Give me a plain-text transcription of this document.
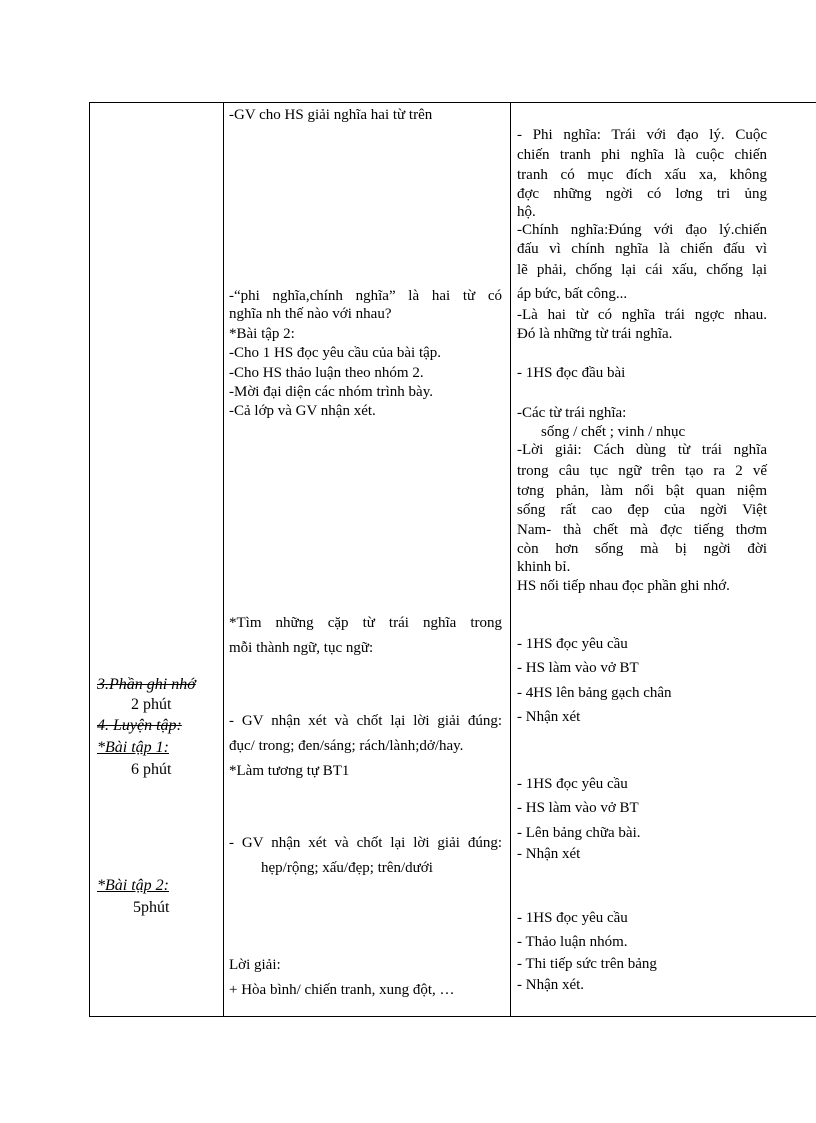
3.Phần ghi nhớ
2 phút
4. Luyện tập:
*Bài tập 1:
6 phút
*Bài tập 2:
5phút
-GV cho HS giải nghĩa hai từ trên
-“phi nghĩa,chính nghĩa” là hai từ có
nghĩa nh thế nào với nhau?
*Bài tập 2:
-Cho 1 HS đọc yêu cầu của bài tập.
-Cho HS thảo luận theo nhóm 2.
-Mời đại diện các nhóm trình bày.
-Cả lớp và GV nhận xét.
*Tìm những cặp từ trái nghĩa trong
mỗi thành ngữ, tục ngữ:
- GV nhận xét và chốt lại lời giải đúng:
đục/ trong; đen/sáng; rách/lành;dở/hay.
*Làm tương tự BT1
- GV nhận xét và chốt lại lời giải đúng:
hẹp/rộng; xấu/đẹp; trên/dưới
Lời giải:
+ Hòa bình/ chiến tranh, xung đột, …
- Phi nghĩa: Trái với đạo lý. Cuộc
chiến tranh phi nghĩa là cuộc chiến
tranh có mục đích xấu xa, không
đợc những ngời có lơng tri ủng
hộ.
-Chính nghĩa:Đúng với đạo lý.chiến
đấu vì chính nghĩa là chiến đấu vì
lẽ phải, chống lại cái xấu, chống lại
áp bức, bất công...
-Là hai từ có nghĩa trái ngợc nhau.
Đó là những từ trái nghĩa.
- 1HS đọc đầu bài
-Các từ trái nghĩa:
sống / chết ; vinh / nhục
-Lời giải: Cách dùng từ trái nghĩa
trong câu tục ngữ trên tạo ra 2 vế
tơng phản, làm nổi bật quan niệm
sống rất cao đẹp của ngời Việt
Nam- thà chết mà đợc tiếng thơm
còn hơn sống mà bị ngời đời
khinh bỉ.
HS nối tiếp nhau đọc phần ghi nhớ.
- 1HS đọc yêu cầu
- HS làm vào vở BT
- 4HS lên bảng gạch chân
- Nhận xét
- 1HS đọc yêu cầu
- HS làm vào vở BT
- Lên bảng chữa bài.
- Nhận xét
- 1HS đọc yêu cầu
- Thảo luận nhóm.
- Thi tiếp sức trên bảng
- Nhận xét.
